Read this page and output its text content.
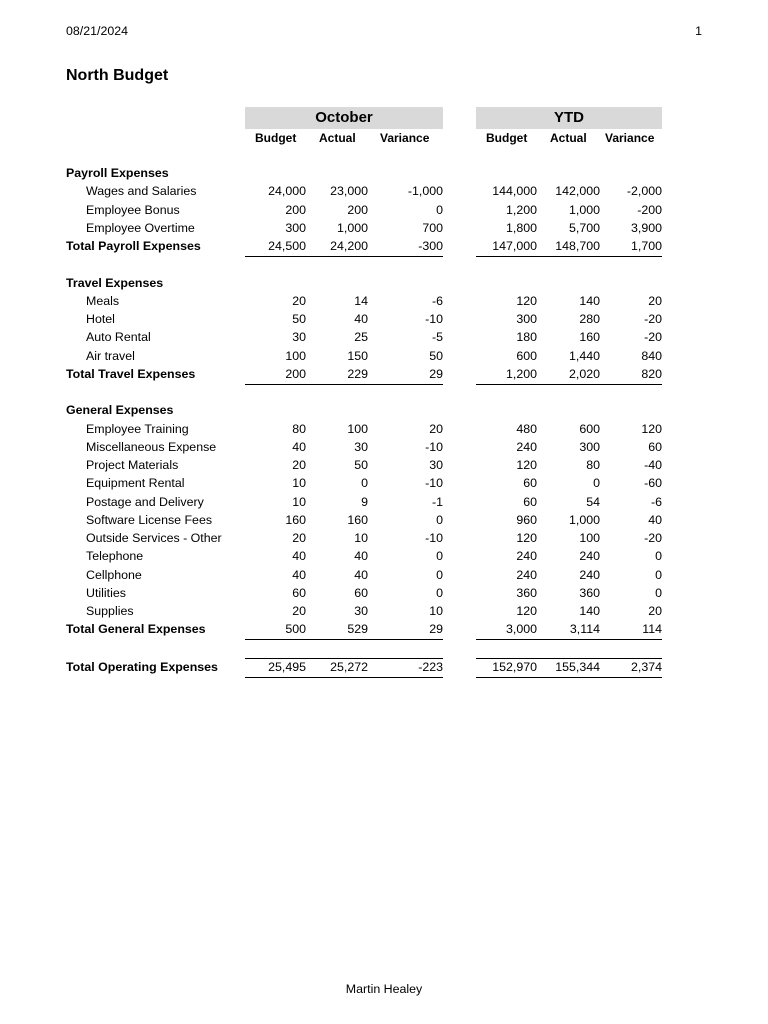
08/21/2024	1
North Budget
October	YTD
Budget Actual Variance	Budget Actual Variance
Payroll Expenses
Wages and Salaries	24,000 23,000	-1,000	144,000 142,000 -2,000
Employee Bonus	200	200	0	1,200	1,000	-200
Employee Overtime	300 1,000	700	1,800	5,700 3,900
Total Payroll Expenses	24,500 24,200	-300	147,000 148,700 1,700
Travel Expenses
Meals	20	14	-6	120	140	20
Hotel	50	40	-10	300	280	-20
Auto Rental	30	25	-5	180	160	-20
Air travel	100	150	50	600	1,440	840
Total Travel Expenses	200	229	29	1,200	2,020	820
General Expenses
Employee Training	80	100	20	480	600	120
Miscellaneous Expense	40	30	-10	240	300	60
Project Materials	20	50	30	120	80	-40
Equipment Rental	10	0	-10	60	0	-60
Postage and Delivery	10	9	-1	60	54	-6
Software License Fees	160	160	0	960	1,000	40
Outside Services - Other	20	10	-10	120	100	-20
Telephone	40	40	0	240	240	0
Cellphone	40	40	0	240	240	0
Utilities	60	60	0	360	360	0
Supplies	20	30	10	120	140	20
Total General Expenses	500	529	29	3,000	3,114	114
Total Operating Expenses	25,495 25,272	-223	152,970 155,344 2,374
Martin Healey
